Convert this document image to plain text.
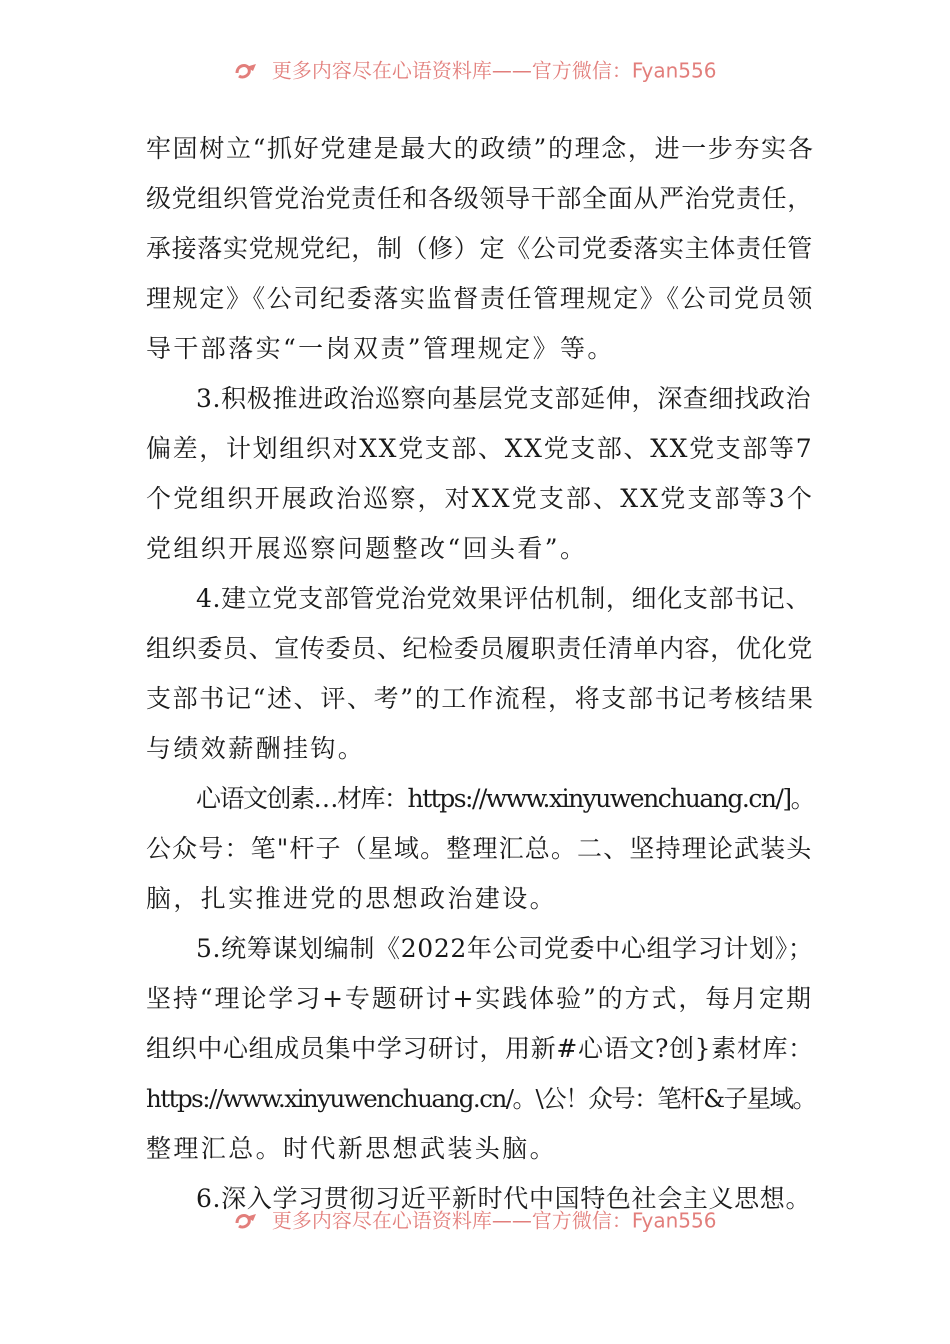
更多内容尽在心语资料库——官方微信：Fyan556
牢固树立“抓好党建是最大的政绩”的理念，进一步夯实各
级党组织管党治党责任和各级领导干部全面从严治党责任，
承接落实党规党纪，制（修）定《公司党委落实主体责任管
理规定》《公司纪委落实监督责任管理规定》《公司党员领
导干部落实“一岗双责”管理规定》等。
3.积极推进政治巡察向基层党支部延伸，深查细找政治
偏差，计划组织对XX党支部、XX党支部、XX党支部等7
个党组织开展政治巡察，对XX党支部、XX党支部等3个
党组织开展巡察问题整改“回头看”。
4.建立党支部管党治党效果评估机制，细化支部书记、
组织委员、宣传委员、纪检委员履职责任清单内容，优化党
支部书记“述、评、考”的工作流程，将支部书记考核结果
与绩效薪酬挂钩。
心语文创素…材库：https://www.xinyuwenchuang.cn/]。
公众号：笔"杆子（星域。整理汇总。二、坚持理论武装头
脑，扎实推进党的思想政治建设。
5.统筹谋划编制《2022年公司党委中心组学习计划》；
坚持“理论学习+专题研讨+实践体验”的方式，每月定期
组织中心组成员集中学习研讨，用新#心语文?创}素材库：
https://www.xinyuwenchuang.cn/。\公！众号：笔杆&子星域。
整理汇总。时代新思想武装头脑。
6.深入学习贯彻习近平新时代中国特色社会主义思想。
更多内容尽在心语资料库——官方微信：Fyan556
